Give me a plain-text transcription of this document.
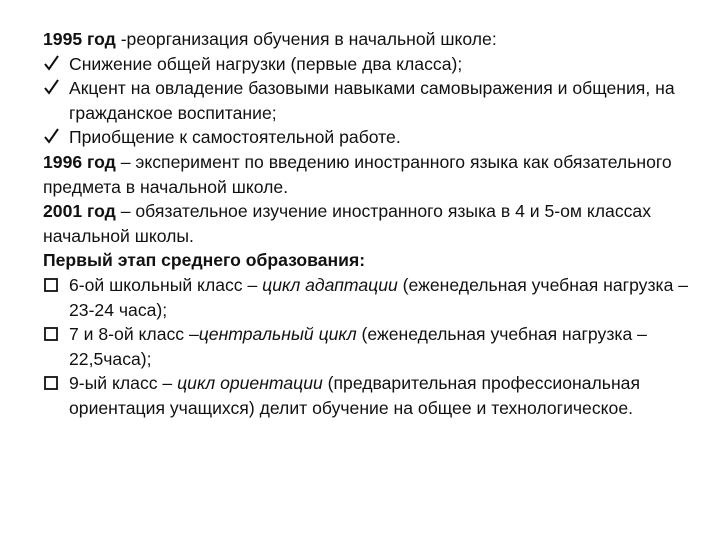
1995 год -реорганизация обучения в начальной школе:
Снижение общей нагрузки (первые два класса);
Акцент на овладение базовыми навыками самовыражения и общения, на гражданское воспитание;
Приобщение к самостоятельной работе.
1996 год – эксперимент по введению иностранного языка как обязательного предмета в начальной школе.
2001 год – обязательное изучение иностранного языка в 4 и 5-ом классах начальной школы.
Первый этап среднего образования:
6-ой школьный класс – цикл адаптации (еженедельная учебная нагрузка – 23-24 часа);
7 и 8-ой класс –центральный цикл (еженедельная учебная нагрузка – 22,5часа);
9-ый класс – цикл ориентации (предварительная профессиональная ориентация учащихся) делит обучение на общее и технологическое.
